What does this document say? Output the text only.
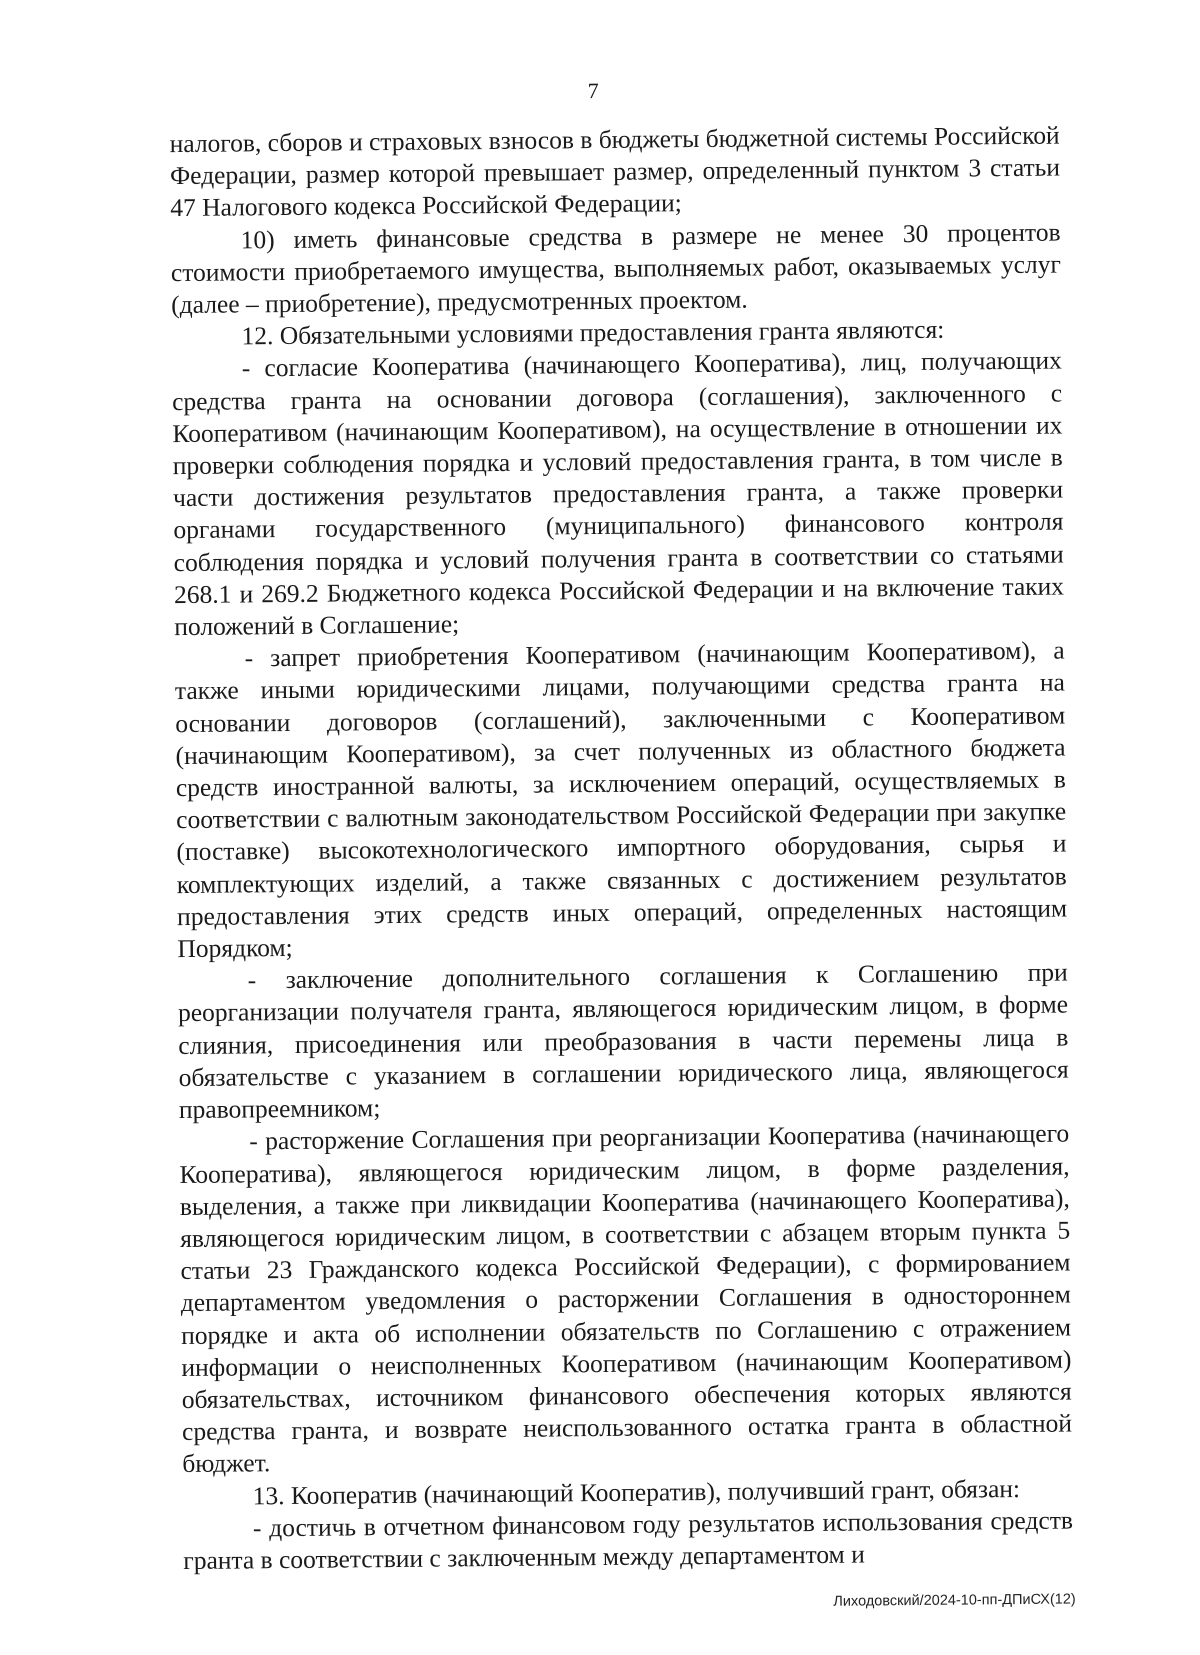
7

налогов, сборов и страховых взносов в бюджеты бюджетной системы Российской Федерации, размер которой превышает размер, определенный пунктом 3 статьи 47 Налогового кодекса Российской Федерации;

10) иметь финансовые средства в размере не менее 30 процентов стоимости приобретаемого имущества, выполняемых работ, оказываемых услуг (далее – приобретение), предусмотренных проектом.

12. Обязательными условиями предоставления гранта являются:

- согласие Кооператива (начинающего Кооператива), лиц, получающих средства гранта на основании договора (соглашения), заключенного с Кооперативом (начинающим Кооперативом), на осуществление в отношении их проверки соблюдения порядка и условий предоставления гранта, в том числе в части достижения результатов предоставления гранта, а также проверки органами государственного (муниципального) финансового контроля соблюдения порядка и условий получения гранта в соответствии со статьями 268.1 и 269.2 Бюджетного кодекса Российской Федерации и на включение таких положений в Соглашение;

- запрет приобретения Кооперативом (начинающим Кооперативом), а также иными юридическими лицами, получающими средства гранта на основании договоров (соглашений), заключенными с Кооперативом (начинающим Кооперативом), за счет полученных из областного бюджета средств иностранной валюты, за исключением операций, осуществляемых в соответствии с валютным законодательством Российской Федерации при закупке (поставке) высокотехнологического импортного оборудования, сырья и комплектующих изделий, а также связанных с достижением результатов предоставления этих средств иных операций, определенных настоящим Порядком;

- заключение дополнительного соглашения к Соглашению при реорганизации получателя гранта, являющегося юридическим лицом, в форме слияния, присоединения или преобразования в части перемены лица в обязательстве с указанием в соглашении юридического лица, являющегося правопреемником;

- расторжение Соглашения при реорганизации Кооператива (начинающего Кооператива), являющегося юридическим лицом, в форме разделения, выделения, а также при ликвидации Кооператива (начинающего Кооператива), являющегося юридическим лицом, в соответствии с абзацем вторым пункта 5 статьи 23 Гражданского кодекса Российской Федерации), с формированием департаментом уведомления о расторжении Соглашения в одностороннем порядке и акта об исполнении обязательств по Соглашению с отражением информации о неисполненных Кооперативом (начинающим Кооперативом) обязательствах, источником финансового обеспечения которых являются средства гранта, и возврате неиспользованного остатка гранта в областной бюджет.

13. Кооператив (начинающий Кооператив), получивший грант, обязан:

- достичь в отчетном финансовом году результатов использования средств гранта в соответствии с заключенным между департаментом и

Лиходовский/2024-10-пп-ДПиСХ(12)
